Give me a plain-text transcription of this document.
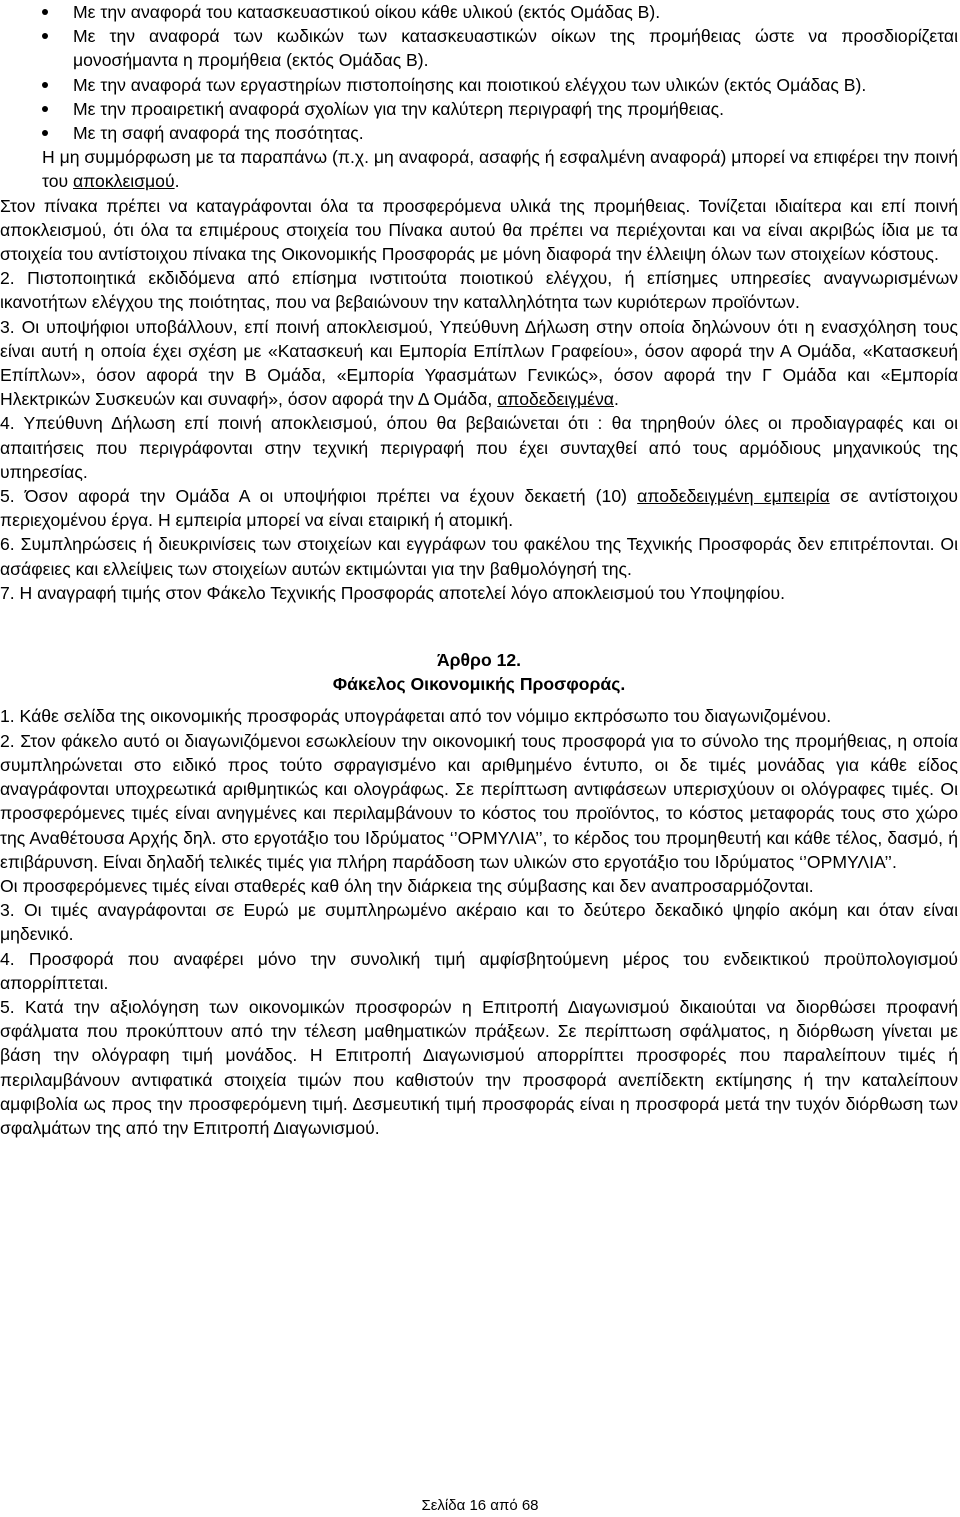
Με την αναφορά του κατασκευαστικού οίκου κάθε υλικού (εκτός Ομάδας Β).
Με την αναφορά των κωδικών των κατασκευαστικών οίκων της προμήθειας ώστε να προσδιορίζεται μονοσήμαντα η προμήθεια (εκτός Ομάδας Β).
Με την αναφορά των εργαστηρίων πιστοποίησης και ποιοτικού ελέγχου των υλικών (εκτός Ομάδας Β).
Με την προαιρετική αναφορά σχολίων για την καλύτερη περιγραφή της προμήθειας.
Με τη σαφή αναφορά της ποσότητας.

Η μη συμμόρφωση με τα παραπάνω (π.χ. μη αναφορά, ασαφής ή εσφαλμένη αναφορά) μπορεί να επιφέρει την ποινή του αποκλεισμού.

Στον πίνακα πρέπει να καταγράφονται όλα τα προσφερόμενα υλικά της προμήθειας. Τονίζεται ιδιαίτερα και επί ποινή αποκλεισμού, ότι όλα τα επιμέρους στοιχεία του Πίνακα αυτού θα πρέπει να περιέχονται και να είναι ακριβώς ίδια με τα στοιχεία του αντίστοιχου πίνακα της Οικονομικής Προσφοράς με μόνη διαφορά την έλλειψη όλων των στοιχείων κόστους.

2. Πιστοποιητικά εκδιδόμενα από επίσημα ινστιτούτα ποιοτικού ελέγχου, ή επίσημες υπηρεσίες αναγνωρισμένων ικανοτήτων ελέγχου της ποιότητας, που να βεβαιώνουν την καταλληλότητα των κυριότερων προϊόντων.

3. Οι υποψήφιοι υποβάλλουν, επί ποινή αποκλεισμού, Υπεύθυνη Δήλωση στην οποία δηλώνουν ότι η ενασχόληση τους είναι αυτή η οποία έχει σχέση με «Κατασκευή και Εμπορία Επίπλων Γραφείου», όσον αφορά την Α Ομάδα, «Κατασκευή Επίπλων», όσον αφορά την Β Ομάδα, «Εμπορία Υφασμάτων Γενικώς», όσον αφορά την Γ Ομάδα και «Εμπορία Ηλεκτρικών Συσκευών και συναφή», όσον αφορά την Δ Ομάδα, αποδεδειγμένα.

4. Υπεύθυνη Δήλωση επί ποινή αποκλεισμού, όπου θα βεβαιώνεται ότι : θα τηρηθούν όλες οι προδιαγραφές και οι απαιτήσεις που περιγράφονται στην τεχνική περιγραφή που έχει συνταχθεί από τους αρμόδιους μηχανικούς της υπηρεσίας.

5. Όσον αφορά την Ομάδα Α οι υποψήφιοι πρέπει να έχουν δεκαετή (10) αποδεδειγμένη εμπειρία σε αντίστοιχου περιεχομένου έργα. Η εμπειρία μπορεί να είναι εταιρική ή ατομική.

6. Συμπληρώσεις ή διευκρινίσεις των στοιχείων και εγγράφων του φακέλου της Τεχνικής Προσφοράς δεν επιτρέπονται. Οι ασάφειες και ελλείψεις των στοιχείων αυτών εκτιμώνται για την βαθμολόγησή της.

7. Η αναγραφή τιμής στον Φάκελο Τεχνικής Προσφοράς αποτελεί λόγο αποκλεισμού του Υποψηφίου.

Άρθρο 12.
Φάκελος Οικονομικής Προσφοράς.

1. Κάθε σελίδα της οικονομικής προσφοράς υπογράφεται από τον νόμιμο εκπρόσωπο του διαγωνιζομένου.

2. Στον φάκελο αυτό οι διαγωνιζόμενοι εσωκλείουν την οικονομική τους προσφορά για το σύνολο της προμήθειας, η οποία συμπληρώνεται στο ειδικό προς τούτο σφραγισμένο και αριθμημένο έντυπο, οι δε τιμές μονάδας για κάθε είδος αναγράφονται υποχρεωτικά αριθμητικώς και ολογράφως. Σε περίπτωση αντιφάσεων υπερισχύουν οι ολόγραφες τιμές. Οι προσφερόμενες τιμές είναι ανηγμένες και περιλαμβάνουν το κόστος του προϊόντος, το κόστος μεταφοράς τους στο χώρο της Αναθέτουσα Αρχής δηλ. στο εργοτάξιο του Ιδρύματος ‘’ΟΡΜΥΛΙΑ’’, το κέρδος του προμηθευτή και κάθε τέλος, δασμό, ή επιβάρυνση. Είναι δηλαδή τελικές τιμές για πλήρη παράδοση των υλικών στο εργοτάξιο του Ιδρύματος ‘’ΟΡΜΥΛΙΑ’’.

Οι προσφερόμενες τιμές είναι σταθερές καθ όλη την διάρκεια της σύμβασης και δεν αναπροσαρμόζονται.

3. Οι τιμές αναγράφονται σε Ευρώ με συμπληρωμένο ακέραιο και το δεύτερο δεκαδικό ψηφίο ακόμη και όταν είναι μηδενικό.

4. Προσφορά που αναφέρει μόνο την συνολική τιμή αμφίσβητούμενη μέρος του ενδεικτικού προϋπολογισμού απορρίπτεται.

5. Κατά την αξιολόγηση των οικονομικών προσφορών η Επιτροπή Διαγωνισμού δικαιούται να διορθώσει προφανή σφάλματα που προκύπτουν από την τέλεση μαθηματικών πράξεων. Σε περίπτωση σφάλματος, η διόρθωση γίνεται με βάση την ολόγραφη τιμή μονάδος. Η Επιτροπή Διαγωνισμού απορρίπτει προσφορές που παραλείπουν τιμές ή περιλαμβάνουν αντιφατικά στοιχεία τιμών που καθιστούν την προσφορά ανεπίδεκτη εκτίμησης ή την καταλείπουν αμφιβολία ως προς την προσφερόμενη τιμή. Δεσμευτική τιμή προσφοράς είναι η προσφορά μετά την τυχόν διόρθωση των σφαλμάτων της από την Επιτροπή Διαγωνισμού.

Σελίδα 16 από 68
